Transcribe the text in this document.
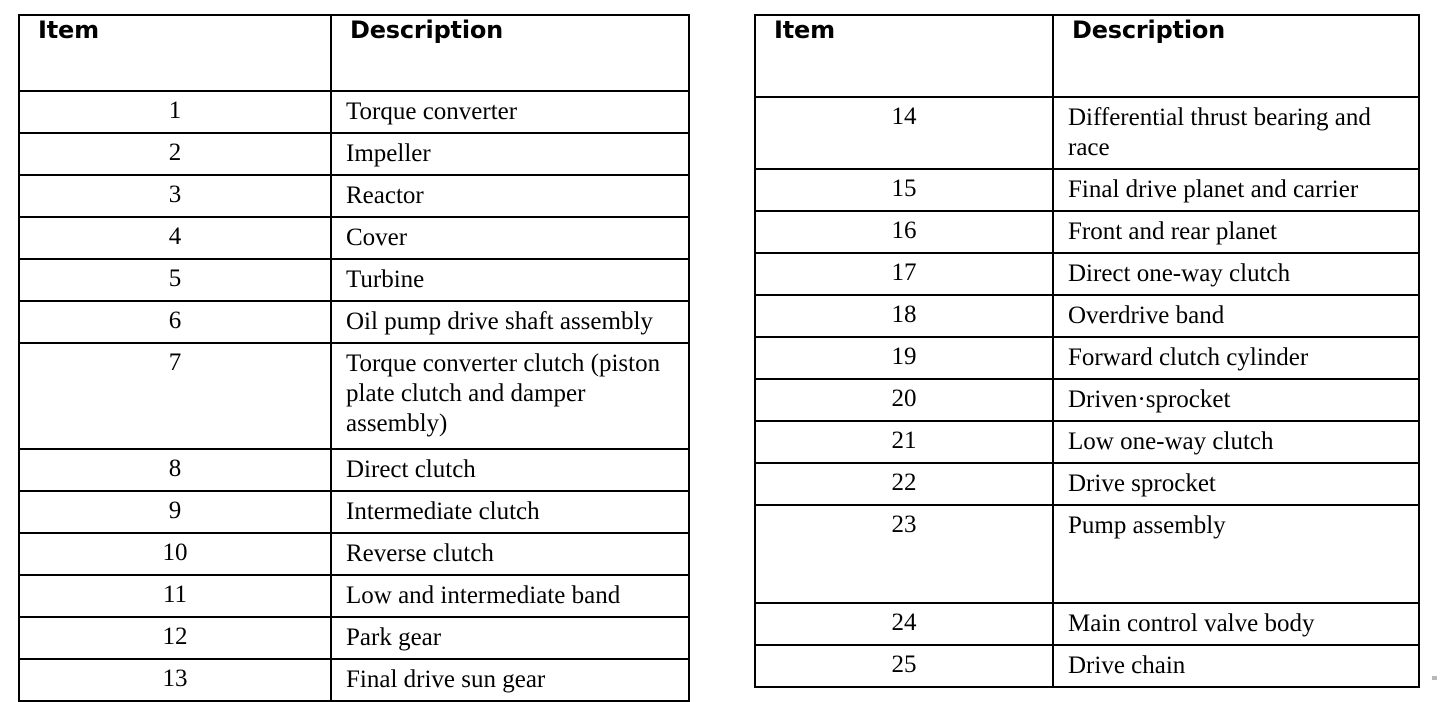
Item	Description

1	Torque converter

2	Impeller

3	Reactor

4	Cover

5	Turbine

6	Oil pump drive shaft assembly

7	Torque converter clutch (piston plate clutch and damper assembly)

8	Direct clutch

9	Intermediate clutch

10	Reverse clutch

11	Low and intermediate band

12	Park gear

13	Final drive sun gear
Item	Description

14	Differential thrust bearing and race

15	Final drive planet and carrier

16	Front and rear planet

17	Direct one-way clutch

18	Overdrive band

19	Forward clutch cylinder

20	Driven·sprocket

21	Low one-way clutch

22	Drive sprocket

23	Pump assembly

24	Main control valve body

25	Drive chain
